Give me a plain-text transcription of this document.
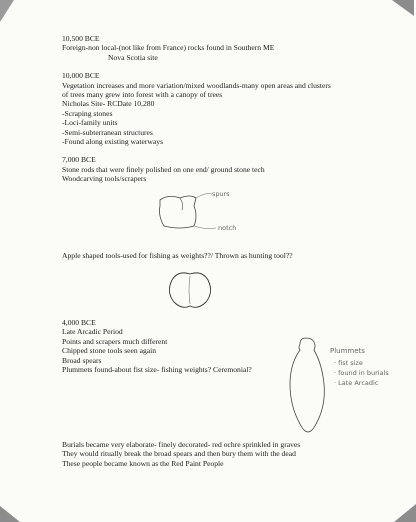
10,500 BCE

Foreign-non local-(not like from France) rocks found in Southern ME

Nova Scotia site

10,000 BCE

Vegetation increases and more variation/mixed woodlands-many open areas and clusters

of trees many grew into forest with a canopy of trees

Nicholas Site- RCDate 10,280

-Scraping stones

-Loci-family units

-Semi-subterranean structures

-Found along existing waterways

7,000 BCE

Stone rods that were finely polished on one end/ ground stone tech

Woodcarving tools/scrapers

spurs
notch

Apple shaped tools-used for fishing as weights??/ Thrown as hunting tool??

4,000 BCE

Late Arcadic Period

Points and scrapers much different

Chipped stone tools seen again

Broad spears

Plummets found-about fist size- fishing weights? Ceremonial?

Plummets
· fist size
· found in burials
· Late Arcadic

Burials became very elaborate- finely decorated- red ochre sprinkled in graves

They would ritually break the broad spears and then bury them with the dead

These people became known as the Red Paint People
